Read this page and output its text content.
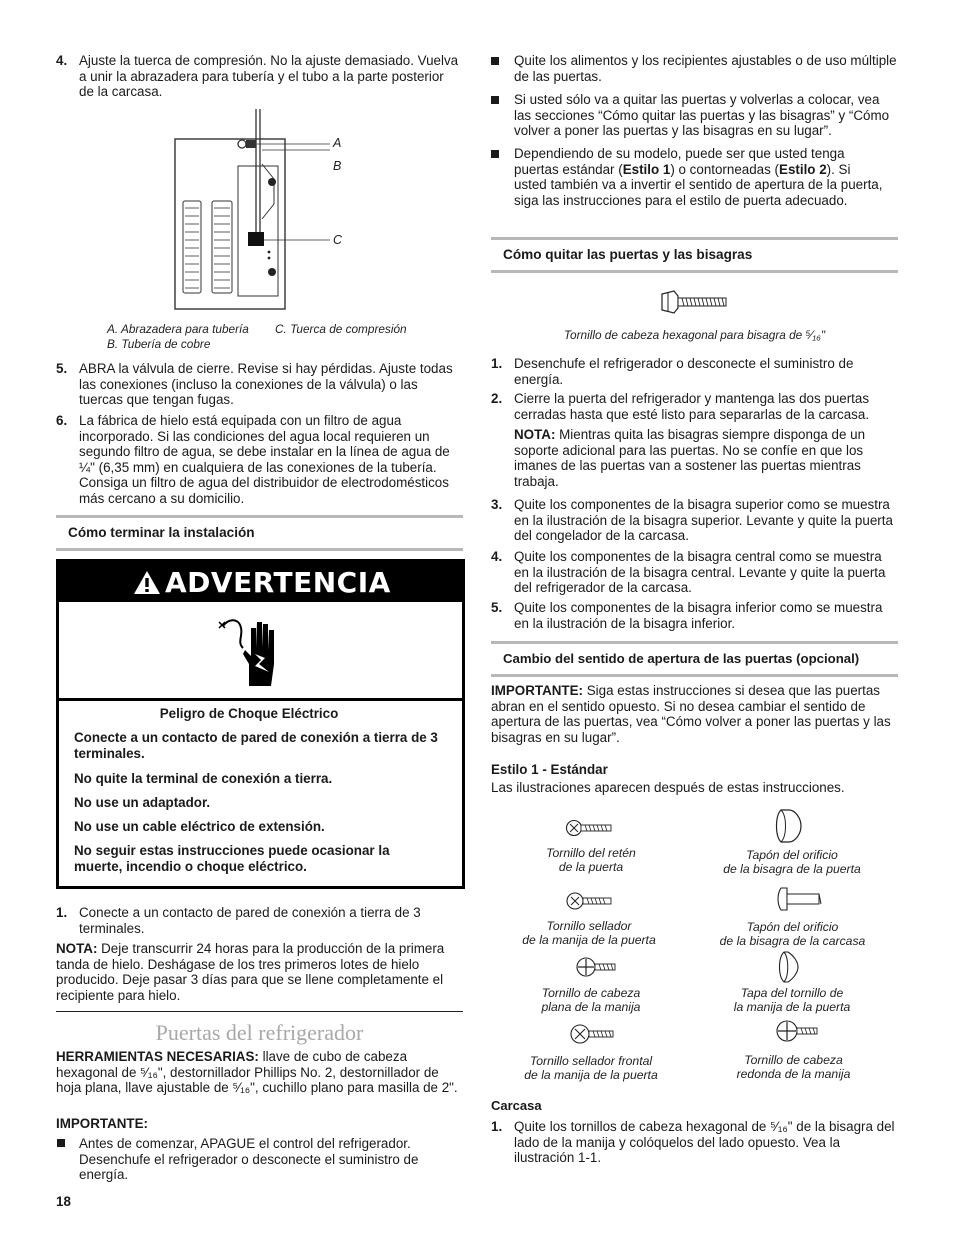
4. Ajuste la tuerca de compresión. No la ajuste demasiado. Vuelva a unir la abrazadera para tubería y el tubo a la parte posterior de la carcasa.
A
B
C
A. Abrazadera para tubería
B. Tubería de cobre
C. Tuerca de compresión
5. ABRA la válvula de cierre. Revise si hay pérdidas. Ajuste todas las conexiones (incluso la conexiones de la válvula) o las tuercas que tengan fugas.
6. La fábrica de hielo está equipada con un filtro de agua incorporado. Si las condiciones del agua local requieren un segundo filtro de agua, se debe instalar en la línea de agua de ¼" (6,35 mm) en cualquiera de las conexiones de la tubería. Consiga un filtro de agua del distribuidor de electrodomésticos más cercano a su domicilio.
Cómo terminar la instalación
ADVERTENCIA
Peligro de Choque Eléctrico
Conecte a un contacto de pared de conexión a tierra de 3 terminales.
No quite la terminal de conexión a tierra.
No use un adaptador.
No use un cable eléctrico de extensión.
No seguir estas instrucciones puede ocasionar la muerte, incendio o choque eléctrico.
1. Conecte a un contacto de pared de conexión a tierra de 3 terminales.
NOTA: Deje transcurrir 24 horas para la producción de la primera tanda de hielo. Deshágase de los tres primeros lotes de hielo producido. Deje pasar 3 días para que se llene completamente el recipiente para hielo.
Puertas del refrigerador
HERRAMIENTAS NECESARIAS: llave de cubo de cabeza hexagonal de ⁵⁄₁₆", destornillador Phillips No. 2, destornillador de hoja plana, llave ajustable de ⁵⁄₁₆", cuchillo plano para masilla de 2".
IMPORTANTE:
Antes de comenzar, APAGUE el control del refrigerador. Desenchufe el refrigerador o desconecte el suministro de energía.
18
Quite los alimentos y los recipientes ajustables o de uso múltiple de las puertas.
Si usted sólo va a quitar las puertas y volverlas a colocar, vea las secciones “Cómo quitar las puertas y las bisagras” y “Cómo volver a poner las puertas y las bisagras en su lugar”.
Dependiendo de su modelo, puede ser que usted tenga puertas estándar (Estilo 1) o contorneadas (Estilo 2). Si usted también va a invertir el sentido de apertura de la puerta, siga las instrucciones para el estilo de puerta adecuado.
Cómo quitar las puertas y las bisagras
Tornillo de cabeza hexagonal para bisagra de ⁵⁄₁₆"
1. Desenchufe el refrigerador o desconecte el suministro de energía.
2. Cierre la puerta del refrigerador y mantenga las dos puertas cerradas hasta que esté listo para separarlas de la carcasa.
NOTA: Mientras quita las bisagras siempre disponga de un soporte adicional para las puertas. No se confíe en que los imanes de las puertas van a sostener las puertas mientras trabaja.
3. Quite los componentes de la bisagra superior como se muestra en la ilustración de la bisagra superior. Levante y quite la puerta del congelador de la carcasa.
4. Quite los componentes de la bisagra central como se muestra en la ilustración de la bisagra central. Levante y quite la puerta del refrigerador de la carcasa.
5. Quite los componentes de la bisagra inferior como se muestra en la ilustración de la bisagra inferior.
Cambio del sentido de apertura de las puertas (opcional)
IMPORTANTE: Siga estas instrucciones si desea que las puertas abran en el sentido opuesto. Si no desea cambiar el sentido de apertura de las puertas, vea “Cómo volver a poner las puertas y las bisagras en su lugar”.
Estilo 1 - Estándar
Las ilustraciones aparecen después de estas instrucciones.
Tornillo del retén
de la puerta
Tapón del orificio
de la bisagra de la puerta
Tornillo sellador
de la manija de la puerta
Tapón del orificio
de la bisagra de la carcasa
Tornillo de cabeza
plana de la manija
Tapa del tornillo de
la manija de la puerta
Tornillo sellador frontal
de la manija de la puerta
Tornillo de cabeza
redonda de la manija
Carcasa
1. Quite los tornillos de cabeza hexagonal de ⁵⁄₁₆" de la bisagra del lado de la manija y colóquelos del lado opuesto. Vea la ilustración 1-1.
